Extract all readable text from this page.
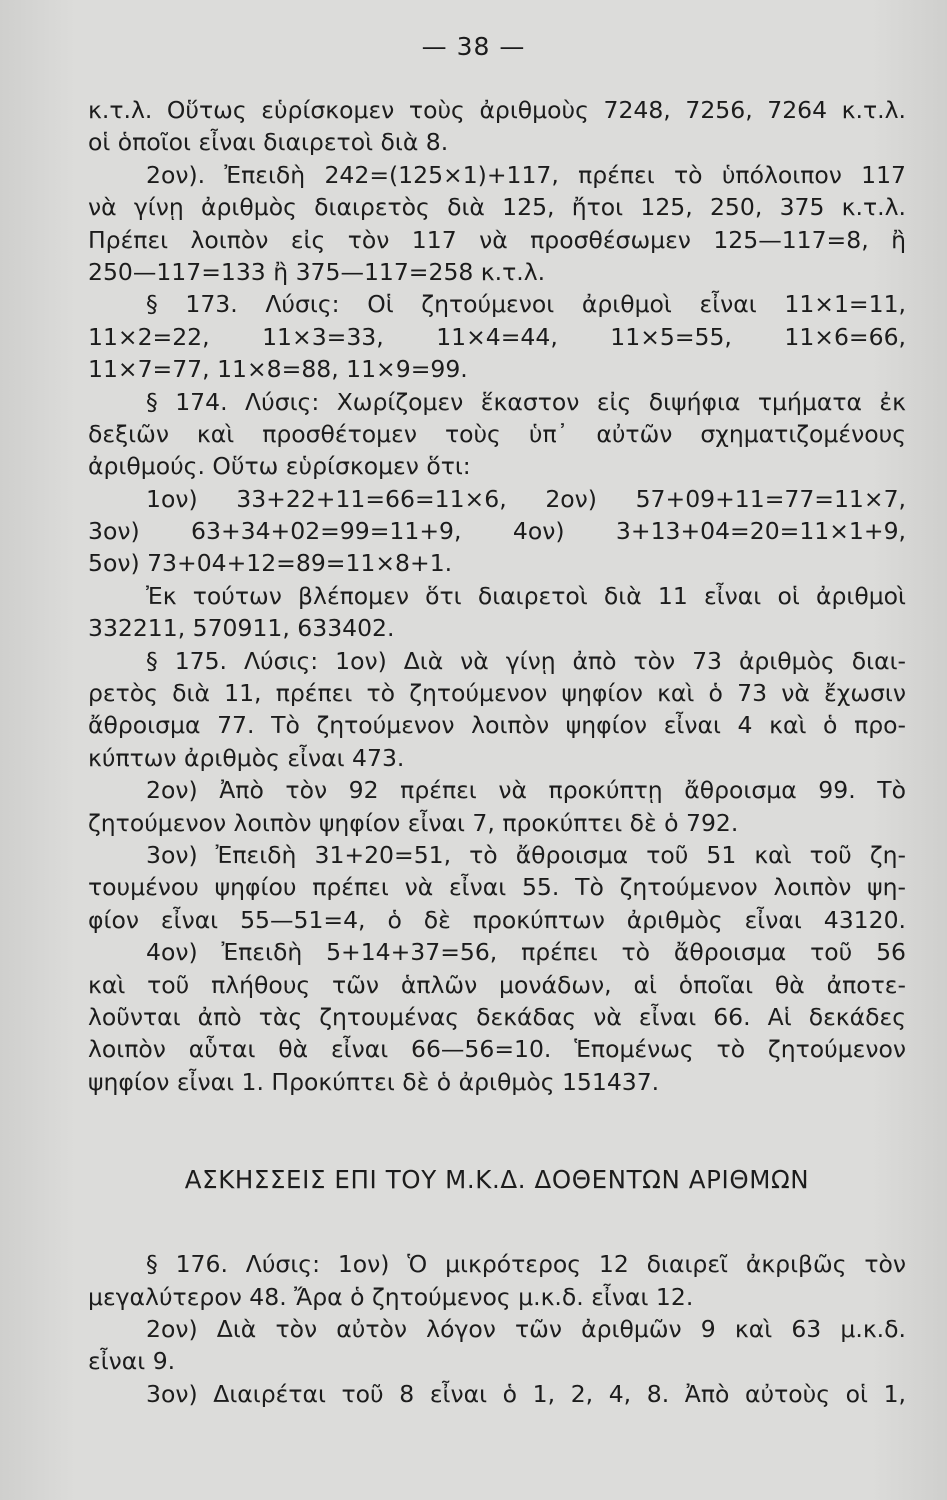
— 38 —
κ.τ.λ. Οὕτως εὑρίσκομεν τοὺς ἀριθμοὺς 7248, 7256, 7264 κ.τ.λ.
οἱ ὁποῖοι εἶναι διαιρετοὶ διὰ 8.
2ον). Ἐπειδὴ 242=(125×1)+117, πρέπει τὸ ὑπόλοιπον 117
νὰ γίνῃ ἀριθμὸς διαιρετὸς διὰ 125, ἤτοι 125, 250, 375 κ.τ.λ.
Πρέπει λοιπὸν εἰς τὸν 117 νὰ προσθέσωμεν 125—117=8, ἢ
250—117=133 ἢ 375—117=258 κ.τ.λ.
§ 173. Λύσις: Οἱ ζητούμενοι ἀριθμοὶ εἶναι 11×1=11,
11×2=22, 11×3=33, 11×4=44, 11×5=55, 11×6=66,
11×7=77, 11×8=88, 11×9=99.
§ 174. Λύσις: Χωρίζομεν ἕκαστον εἰς διψήφια τμήματα ἐκ
δεξιῶν καὶ προσθέτομεν τοὺς ὑπ᾽ αὐτῶν σχηματιζομένους
ἀριθμούς. Οὕτω εὑρίσκομεν ὅτι:
1ον) 33+22+11=66=11×6, 2ον) 57+09+11=77=11×7,
3ον) 63+34+02=99=11+9, 4ον) 3+13+04=20=11×1+9,
5ον) 73+04+12=89=11×8+1.
Ἐκ τούτων βλέπομεν ὅτι διαιρετοὶ διὰ 11 εἶναι οἱ ἀριθμοὶ
332211, 570911, 633402.
§ 175. Λύσις: 1ον) Διὰ νὰ γίνῃ ἀπὸ τὸν 73 ἀριθμὸς διαι-
ρετὸς διὰ 11, πρέπει τὸ ζητούμενον ψηφίον καὶ ὁ 73 νὰ ἔχωσιν
ἄθροισμα 77. Τὸ ζητούμενον λοιπὸν ψηφίον εἶναι 4 καὶ ὁ προ-
κύπτων ἀριθμὸς εἶναι 473.
2ον) Ἀπὸ τὸν 92 πρέπει νὰ προκύπτῃ ἄθροισμα 99. Τὸ
ζητούμενον λοιπὸν ψηφίον εἶναι 7, προκύπτει δὲ ὁ 792.
3ον) Ἐπειδὴ 31+20=51, τὸ ἄθροισμα τοῦ 51 καὶ τοῦ ζη-
τουμένου ψηφίου πρέπει νὰ εἶναι 55. Τὸ ζητούμενον λοιπὸν ψη-
φίον εἶναι 55—51=4, ὁ δὲ προκύπτων ἀριθμὸς εἶναι 43120.
4ον) Ἐπειδὴ 5+14+37=56, πρέπει τὸ ἄθροισμα τοῦ 56
καὶ τοῦ πλήθους τῶν ἁπλῶν μονάδων, αἱ ὁποῖαι θὰ ἀποτε-
λοῦνται ἀπὸ τὰς ζητουμένας δεκάδας νὰ εἶναι 66. Αἱ δεκάδες
λοιπὸν αὗται θὰ εἶναι 66—56=10. Ἑπομένως τὸ ζητούμενον
ψηφίον εἶναι 1. Προκύπτει δὲ ὁ ἀριθμὸς 151437.
ΑΣΚΗΣΣΕΙΣ ΕΠΙ ΤΟΥ Μ.Κ.Δ. ΔΟΘΕΝΤΩΝ ΑΡΙΘΜΩΝ
§ 176. Λύσις: 1ον) Ὁ μικρότερος 12 διαιρεῖ ἀκριβῶς τὸν
μεγαλύτερον 48. Ἄρα ὁ ζητούμενος μ.κ.δ. εἶναι 12.
2ον) Διὰ τὸν αὐτὸν λόγον τῶν ἀριθμῶν 9 καὶ 63 μ.κ.δ.
εἶναι 9.
3ον) Διαιρέται τοῦ 8 εἶναι ὁ 1, 2, 4, 8. Ἀπὸ αὐτοὺς οἱ 1,
